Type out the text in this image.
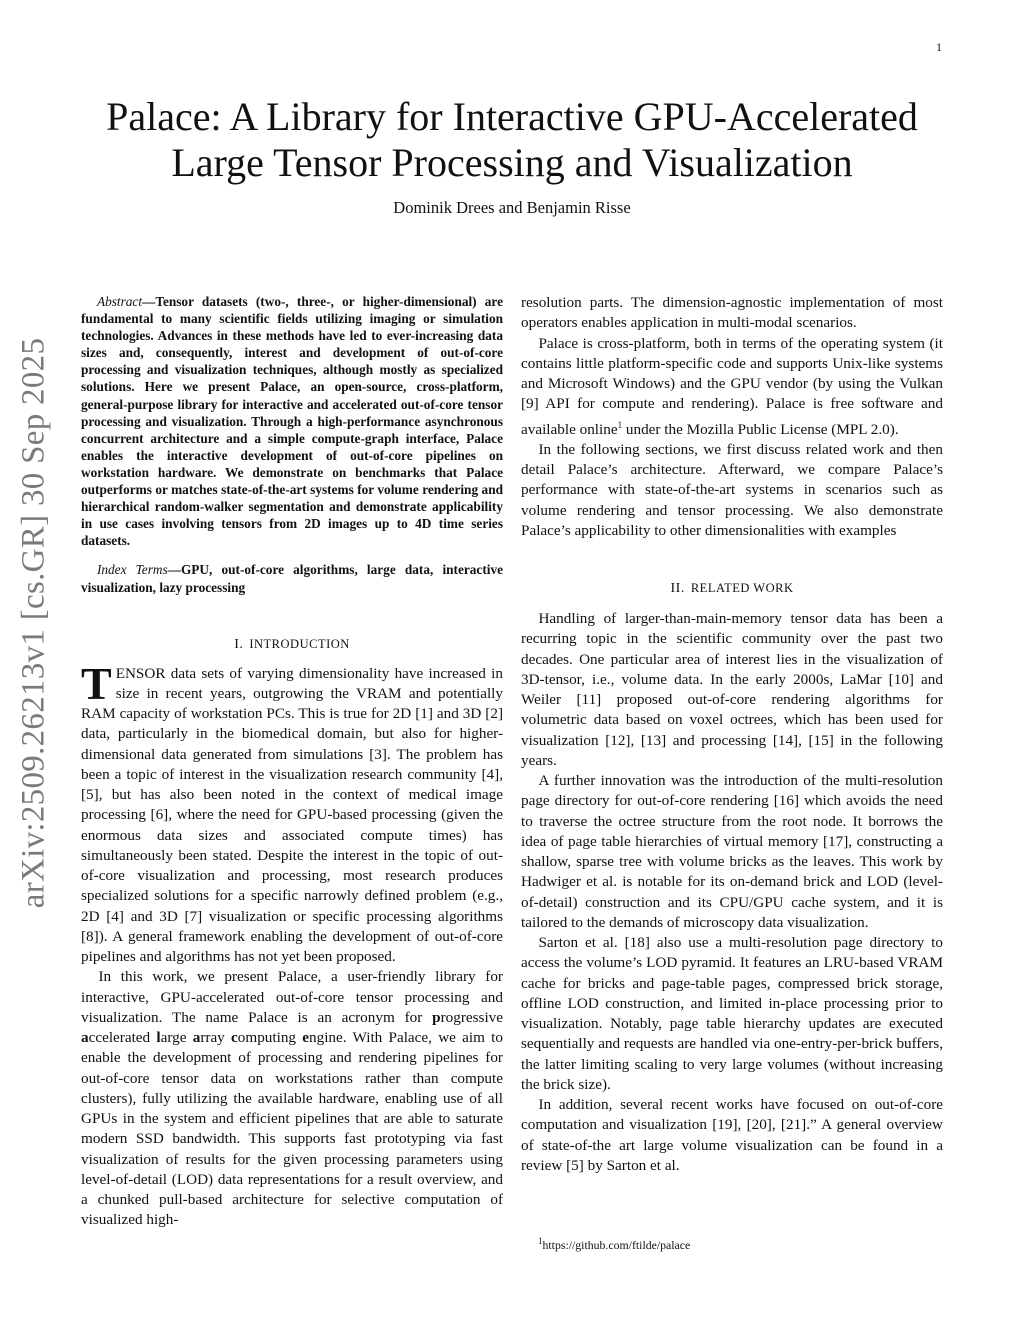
1
arXiv:2509.26213v1 [cs.GR] 30 Sep 2025
Palace: A Library for Interactive GPU-Accelerated
Large Tensor Processing and Visualization
Dominik Drees and Benjamin Risse

Abstract—Tensor datasets (two-, three-, or higher-dimensional) are fundamental to many scientific fields utilizing imaging or simulation technologies. Advances in these methods have led to ever-increasing data sizes and, consequently, interest and development of out-of-core processing and visualization techniques, although mostly as specialized solutions. Here we present Palace, an open-source, cross-platform, general-purpose library for interactive and accelerated out-of-core tensor processing and visualization. Through a high-performance asynchronous concurrent architecture and a simple compute-graph interface, Palace enables the interactive development of out-of-core pipelines on workstation hardware. We demonstrate on benchmarks that Palace outperforms or matches state-of-the-art systems for volume rendering and hierarchical random-walker segmentation and demonstrate applicability in use cases involving tensors from 2D images up to 4D time series datasets.

Index Terms—GPU, out-of-core algorithms, large data, interactive visualization, lazy processing

I. INTRODUCTION

TENSOR data sets of varying dimensionality have increased in size in recent years, outgrowing the VRAM and potentially RAM capacity of workstation PCs. This is true for 2D [1] and 3D [2] data, particularly in the biomedical domain, but also for higher-dimensional data generated from simulations [3]. The problem has been a topic of interest in the visualization research community [4], [5], but has also been noted in the context of medical image processing [6], where the need for GPU-based processing (given the enormous data sizes and associated compute times) has simultaneously been stated. Despite the interest in the topic of out-of-core visualization and processing, most research produces specialized solutions for a specific narrowly defined problem (e.g., 2D [4] and 3D [7] visualization or specific processing algorithms [8]). A general framework enabling the development of out-of-core pipelines and algorithms has not yet been proposed.

In this work, we present Palace, a user-friendly library for interactive, GPU-accelerated out-of-core tensor processing and visualization. The name Palace is an acronym for progressive accelerated large array computing engine. With Palace, we aim to enable the development of processing and rendering pipelines for out-of-core tensor data on workstations rather than compute clusters), fully utilizing the available hardware, enabling use of all GPUs in the system and efficient pipelines that are able to saturate modern SSD bandwidth. This supports fast prototyping via fast visualization of results for the given processing parameters using level-of-detail (LOD) data representations for a result overview, and a chunked pull-based architecture for selective computation of visualized high-

resolution parts. The dimension-agnostic implementation of most operators enables application in multi-modal scenarios.

Palace is cross-platform, both in terms of the operating system (it contains little platform-specific code and supports Unix-like systems and Microsoft Windows) and the GPU vendor (by using the Vulkan [9] API for compute and rendering). Palace is free software and available online$^1$ under the Mozilla Public License (MPL 2.0).

In the following sections, we first discuss related work and then detail Palace’s architecture. Afterward, we compare Palace’s performance with state-of-the-art systems in scenarios such as volume rendering and tensor processing. We also demonstrate Palace’s applicability to other dimensionalities with examples

II. RELATED WORK

Handling of larger-than-main-memory tensor data has been a recurring topic in the scientific community over the past two decades. One particular area of interest lies in the visualization of 3D-tensor, i.e., volume data. In the early 2000s, LaMar [10] and Weiler [11] proposed out-of-core rendering algorithms for volumetric data based on voxel octrees, which has been used for visualization [12], [13] and processing [14], [15] in the following years.

A further innovation was the introduction of the multi-resolution page directory for out-of-core rendering [16] which avoids the need to traverse the octree structure from the root node. It borrows the idea of page table hierarchies of virtual memory [17], constructing a shallow, sparse tree with volume bricks as the leaves. This work by Hadwiger et al. is notable for its on-demand brick and LOD (level-of-detail) construction and its CPU/GPU cache system, and it is tailored to the demands of microscopy data visualization.

Sarton et al. [18] also use a multi-resolution page directory to access the volume’s LOD pyramid. It features an LRU-based VRAM cache for bricks and page-table pages, compressed brick storage, offline LOD construction, and limited in-place processing prior to visualization. Notably, page table hierarchy updates are executed sequentially and requests are handled via one-entry-per-brick buffers, the latter limiting scaling to very large volumes (without increasing the brick size).

In addition, several recent works have focused on out-of-core computation and visualization [19], [20], [21].” A general overview of state-of-the art large volume visualization can be found in a review [5] by Sarton et al.

$^1$https://github.com/ftilde/palace
